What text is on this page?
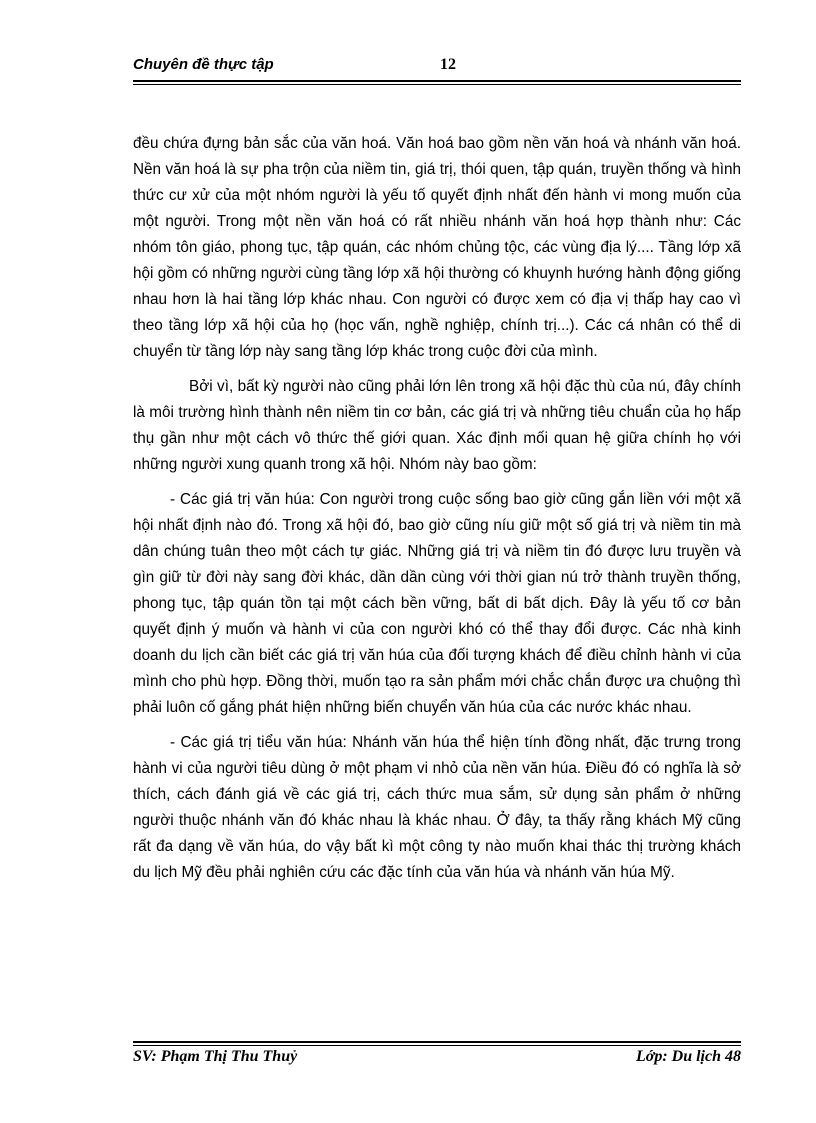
Chuyên đề thực tập	12

đều chứa đựng bản sắc của văn hoá. Văn hoá bao gồm nền văn hoá và nhánh văn hoá. Nền văn hoá là sự pha trộn của niềm tin, giá trị, thói quen, tập quán, truyền thống và hình thức cư xử của một nhóm người là yếu tố quyết định nhất đến hành vi mong muốn của một người. Trong một nền văn hoá có rất nhiều nhánh văn hoá hợp thành như: Các nhóm tôn giáo, phong tục, tập quán, các nhóm chủng tộc, các vùng địa lý.... Tầng lớp xã hội gồm có những người cùng tầng lớp xã hội thường có khuynh hướng hành động giống nhau hơn là hai tầng lớp khác nhau. Con người có được xem có địa vị thấp hay cao vì theo tầng lớp xã hội của họ (học vấn, nghề nghiệp, chính trị...). Các cá nhân có thể di chuyển từ tầng lớp này sang tầng lớp khác trong cuộc đời của mình.

Bởi vì, bất kỳ người nào cũng phải lớn lên trong xã hội đặc thù của nú, đây chính là môi trường hình thành nên niềm tin cơ bản, các giá trị và những tiêu chuẩn của họ hấp thụ gần như một cách vô thức thế giới quan. Xác định mối quan hệ giữa chính họ với những người xung quanh trong xã hội. Nhóm này bao gồm:

- Các giá trị văn húa: Con người trong cuộc sống bao giờ cũng gắn liền với một xã hội nhất định nào đó. Trong xã hội đó, bao giờ cũng níu giữ một số giá trị và niềm tin mà dân chúng tuân theo một cách tự giác. Những giá trị và niềm tin đó được lưu truyền và gìn giữ từ đời này sang đời khác, dần dần cùng với thời gian nú trở thành truyền thống, phong tục, tập quán tồn tại một cách bền vững, bất di bất dịch. Đây là yếu tố cơ bản quyết định ý muốn và hành vi của con người khó có thể thay đổi được. Các nhà kinh doanh du lịch cần biết các giá trị văn húa của đối tượng khách để điều chỉnh hành vi của mình cho phù hợp. Đồng thời, muốn tạo ra sản phẩm mới chắc chắn được ưa chuộng thì phải luôn cố gắng phát hiện những biến chuyển văn húa của các nước khác nhau.

- Các giá trị tiểu văn húa: Nhánh văn húa thể hiện tính đồng nhất, đặc trưng trong hành vi của người tiêu dùng ở một phạm vi nhỏ của nền văn húa. Điều đó có nghĩa là sở thích, cách đánh giá về các giá trị, cách thức mua sắm, sử dụng sản phẩm ở những người thuộc nhánh văn đó khác nhau là khác nhau. Ở đây, ta thấy rằng khách Mỹ cũng rất đa dạng về văn húa, do vậy bất kì một công ty nào muốn khai thác thị trường khách du lịch Mỹ đều phải nghiên cứu các đặc tính của văn húa và nhánh văn húa Mỹ.

SV: Phạm Thị Thu Thuỷ	Lớp: Du lịch 48
